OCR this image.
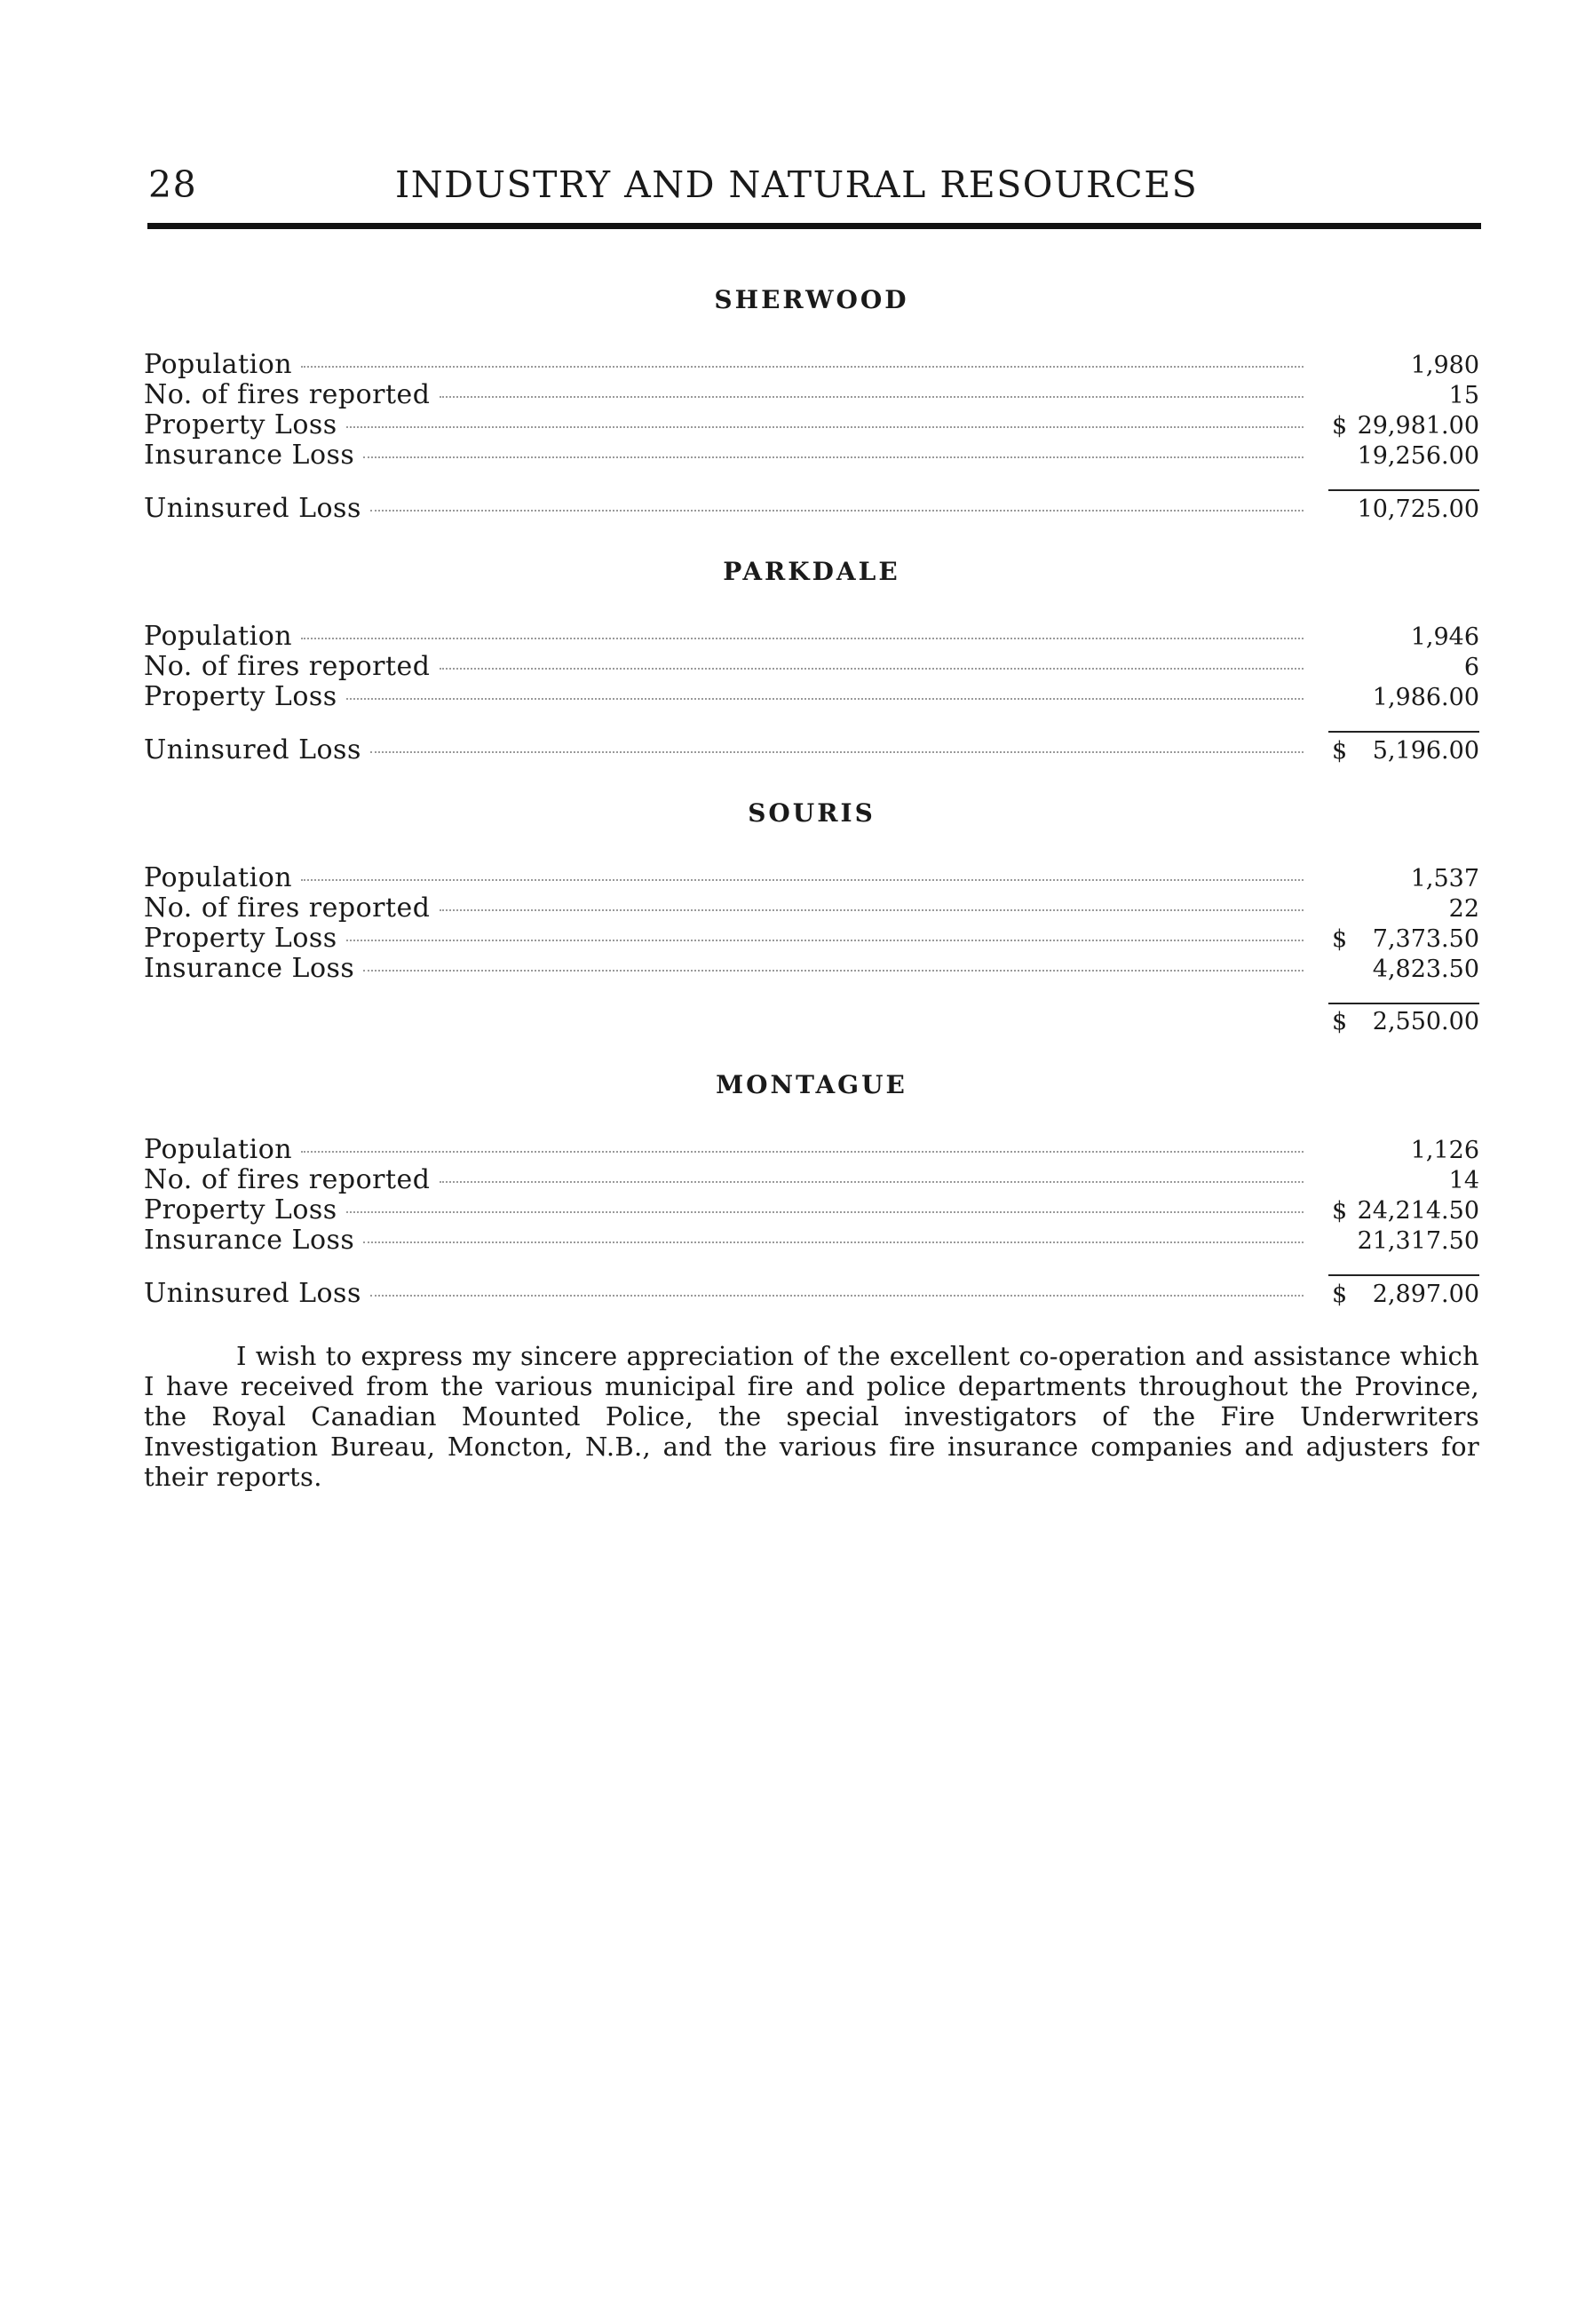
28	INDUSTRY AND NATURAL RESOURCES
SHERWOOD
Population	1,980
No. of fires reported	15
Property Loss	$ 29,981.00
Insurance Loss	19,256.00
Uninsured Loss	10,725.00
PARKDALE
Population	1,946
No. of fires reported	6
Property Loss	1,986.00
Uninsured Loss	$ 5,196.00
SOURIS
Population	1,537
No. of fires reported	22
Property Loss	$ 7,373.50
Insurance Loss	4,823.50
$ 2,550.00
MONTAGUE
Population	1,126
No. of fires reported	14
Property Loss	$ 24,214.50
Insurance Loss	21,317.50
Uninsured Loss	$ 2,897.00

I wish to express my sincere appreciation of the excellent co-operation and assistance which I have received from the various municipal fire and police departments throughout the Province, the Royal Canadian Mounted Police, the special investigators of the Fire Underwriters Investigation Bureau, Moncton, N.B., and the various fire insurance companies and adjusters for their reports.
